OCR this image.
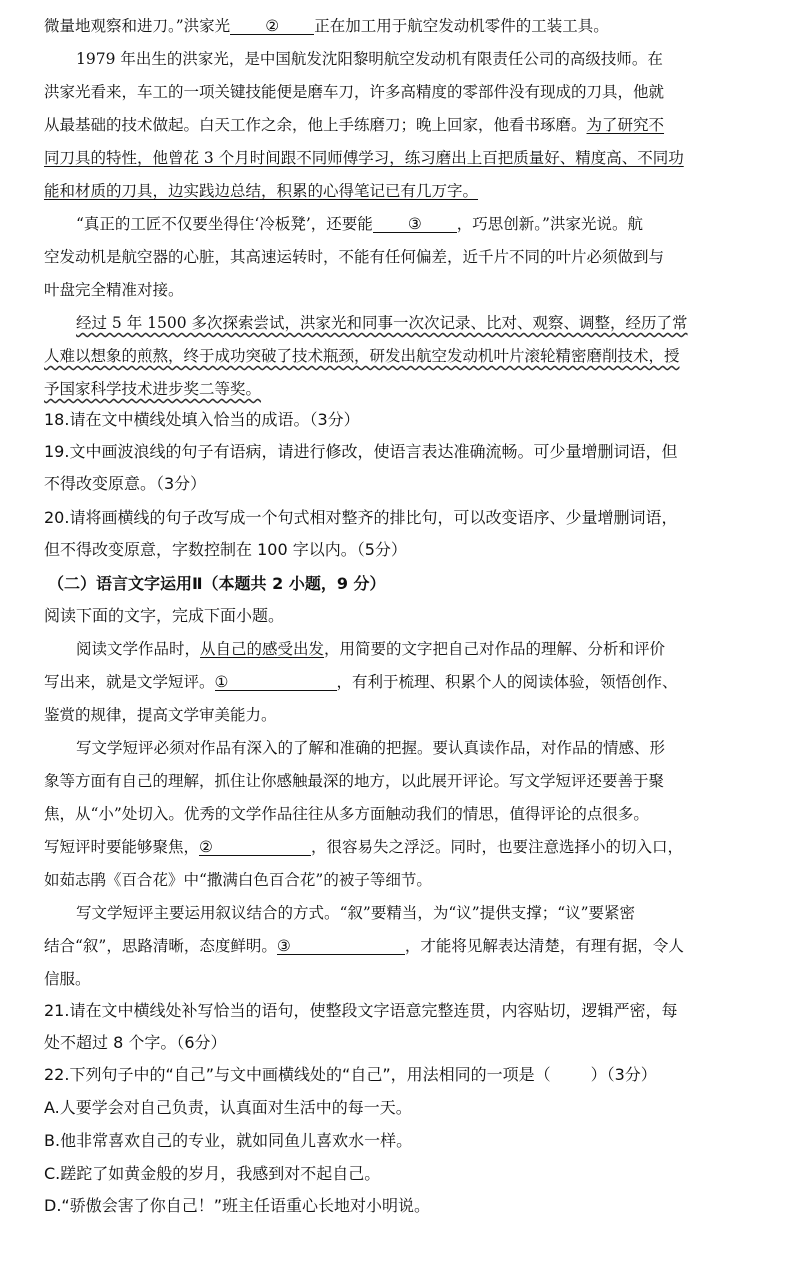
微量地观察和进刀。”洪家光 ② 正在加工用于航空发动机零件的工装工具。
1979 年出生的洪家光，是中国航发沈阳黎明航空发动机有限责任公司的高级技师。在
洪家光看来，车工的一项关键技能便是磨车刀，许多高精度的零部件没有现成的刀具，他就
从最基础的技术做起。白天工作之余，他上手练磨刀；晚上回家，他看书琢磨。为了研究不
同刀具的特性，他曾花 3 个月时间跟不同师傅学习，练习磨出上百把质量好、精度高、不同功
能和材质的刀具，边实践边总结，积累的心得笔记已有几万字。
“真正的工匠不仅要坐得住‘冷板凳’，还要能 ③ ，巧思创新。”洪家光说。航
空发动机是航空器的心脏，其高速运转时，不能有任何偏差，近千片不同的叶片必须做到与
叶盘完全精准对接。
经过 5 年 1500 多次探索尝试，洪家光和同事一次次记录、比对、观察、调整，经历了常
人难以想象的煎熬，终于成功突破了技术瓶颈，研发出航空发动机叶片滚轮精密磨削技术，授
予国家科学技术进步奖二等奖。
18.请在文中横线处填入恰当的成语。（3分）
19.文中画波浪线的句子有语病，请进行修改，使语言表达准确流畅。可少量增删词语，但
不得改变原意。（3分）
20.请将画横线的句子改写成一个句式相对整齐的排比句，可以改变语序、少量增删词语，
但不得改变原意，字数控制在 100 字以内。（5分）
（二）语言文字运用Ⅱ（本题共 2 小题，9 分）
阅读下面的文字，完成下面小题。
阅读文学作品时，从自己的感受出发，用简要的文字把自己对作品的理解、分析和评价
写出来，就是文学短评。①	，有利于梳理、积累个人的阅读体验，领悟创作、
鉴赏的规律，提高文学审美能力。
写文学短评必须对作品有深入的了解和准确的把握。要认真读作品，对作品的情感、形
象等方面有自己的理解，抓住让你感触最深的地方，以此展开评论。写文学短评还要善于聚
焦，从“小”处切入。优秀的文学作品往往从多方面触动我们的情思，值得评论的点很多。
写短评时要能够聚焦，②	，很容易失之浮泛。同时，也要注意选择小的切入口，
如茹志鹃《百合花》中“撒满白色百合花”的被子等细节。
写文学短评主要运用叙议结合的方式。“叙”要精当，为“议”提供支撑；“议”要紧密
结合“叙”，思路清晰，态度鲜明。③	，才能将见解表达清楚，有理有据，令人
信服。
21.请在文中横线处补写恰当的语句，使整段文字语意完整连贯，内容贴切，逻辑严密，每
处不超过 8 个字。（6分）
22.下列句子中的“自己”与文中画横线处的“自己”，用法相同的一项是（	）（3分）
A.人要学会对自己负责，认真面对生活中的每一天。
B.他非常喜欢自己的专业，就如同鱼儿喜欢水一样。
C.蹉跎了如黄金般的岁月，我感到对不起自己。
D.“骄傲会害了你自己！”班主任语重心长地对小明说。
